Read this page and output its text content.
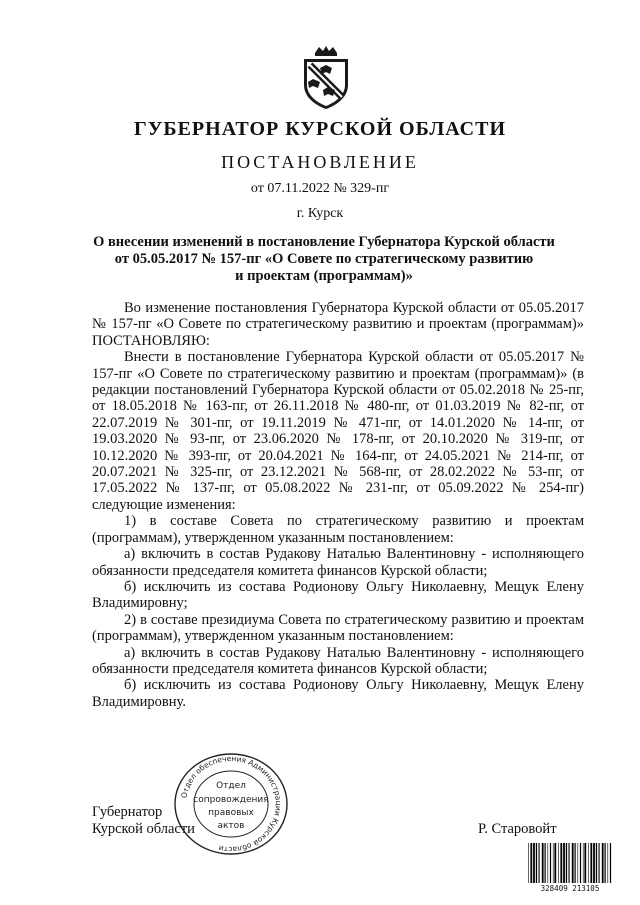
ГУБЕРНАТОР КУРСКОЙ ОБЛАСТИ
ПОСТАНОВЛЕНИЕ
от 07.11.2022 № 329-пг
г. Курск
О внесении изменений в постановление Губернатора Курской области
от 05.05.2017 № 157-пг «О Совете по стратегическому развитию
и проектам (программам)»

Во изменение постановления Губернатора Курской области от 05.05.2017 № 157-пг «О Совете по стратегическому развитию и проектам (программам)» ПОСТАНОВЛЯЮ:

Внести в постановление Губернатора Курской области от 05.05.2017 № 157-пг «О Совете по стратегическому развитию и проектам (программам)» (в редакции постановлений Губернатора Курской области от 05.02.2018 № 25-пг, от 18.05.2018 № 163-пг, от 26.11.2018 № 480-пг, от 01.03.2019 № 82-пг, от 22.07.2019 № 301-пг, от 19.11.2019 № 471-пг, от 14.01.2020 № 14-пг, от 19.03.2020 № 93-пг, от 23.06.2020 № 178-пг, от 20.10.2020 № 319-пг, от 10.12.2020 № 393-пг, от 20.04.2021 № 164-пг, от 24.05.2021 № 214-пг, от 20.07.2021 № 325-пг, от 23.12.2021 № 568-пг, от 28.02.2022 № 53-пг, от 17.05.2022 № 137-пг, от 05.08.2022 № 231-пг, от 05.09.2022 № 254-пг) следующие изменения:

1) в составе Совета по стратегическому развитию и проектам (программам), утвержденном указанным постановлением:

а) включить в состав Рудакову Наталью Валентиновну - исполняющего обязанности председателя комитета финансов Курской области;

б) исключить из состава Родионову Ольгу Николаевну, Мещук Елену Владимировну;

2) в составе президиума Совета по стратегическому развитию и проектам (программам), утвержденном указанным постановлением:

а) включить в состав Рудакову Наталью Валентиновну - исполняющего обязанности председателя комитета финансов Курской области;

б) исключить из состава Родионову Ольгу Николаевну, Мещук Елену Владимировну.

Губернатор
Курской области	Р. Старовойт
Отдел обеспечения Администрации Курской области
Отдел
сопровождения
правовых
актов
328409 213105
